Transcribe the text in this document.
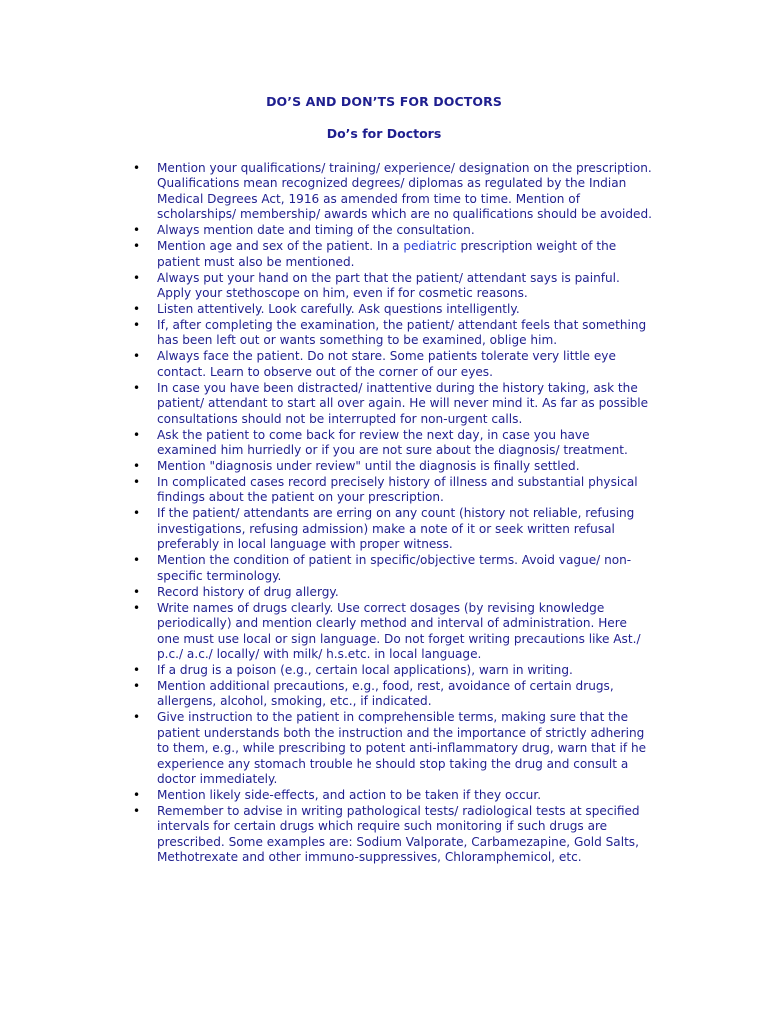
DO’S AND DON’TS FOR DOCTORS
Do’s for Doctors
• Mention your qualifications/ training/ experience/ designation on the prescription. Qualifications mean recognized degrees/ diplomas as regulated by the Indian Medical Degrees Act, 1916 as amended from time to time. Mention of scholarships/ membership/ awards which are no qualifications should be avoided.
• Always mention date and timing of the consultation.
• Mention age and sex of the patient. In a pediatric prescription weight of the patient must also be mentioned.
• Always put your hand on the part that the patient/ attendant says is painful. Apply your stethoscope on him, even if for cosmetic reasons.
• Listen attentively. Look carefully. Ask questions intelligently.
• If, after completing the examination, the patient/ attendant feels that something has been left out or wants something to be examined, oblige him.
• Always face the patient. Do not stare. Some patients tolerate very little eye contact. Learn to observe out of the corner of our eyes.
• In case you have been distracted/ inattentive during the history taking, ask the patient/ attendant to start all over again. He will never mind it. As far as possible consultations should not be interrupted for non-urgent calls.
• Ask the patient to come back for review the next day, in case you have examined him hurriedly or if you are not sure about the diagnosis/ treatment.
• Mention "diagnosis under review" until the diagnosis is finally settled.
• In complicated cases record precisely history of illness and substantial physical findings about the patient on your prescription.
• If the patient/ attendants are erring on any count (history not reliable, refusing investigations, refusing admission) make a note of it or seek written refusal preferably in local language with proper witness.
• Mention the condition of patient in specific/objective terms. Avoid vague/ non-specific terminology.
• Record history of drug allergy.
• Write names of drugs clearly. Use correct dosages (by revising knowledge periodically) and mention clearly method and interval of administration. Here one must use local or sign language. Do not forget writing precautions like Ast./ p.c./ a.c./ locally/ with milk/ h.s.etc. in local language.
• If a drug is a poison (e.g., certain local applications), warn in writing.
• Mention additional precautions, e.g., food, rest, avoidance of certain drugs, allergens, alcohol, smoking, etc., if indicated.
• Give instruction to the patient in comprehensible terms, making sure that the patient understands both the instruction and the importance of strictly adhering to them, e.g., while prescribing to potent anti-inflammatory drug, warn that if he experience any stomach trouble he should stop taking the drug and consult a doctor immediately.
• Mention likely side-effects, and action to be taken if they occur.
• Remember to advise in writing pathological tests/ radiological tests at specified intervals for certain drugs which require such monitoring if such drugs are prescribed. Some examples are: Sodium Valporate, Carbamezapine, Gold Salts, Methotrexate and other immuno-suppressives, Chloramphemicol, etc.
